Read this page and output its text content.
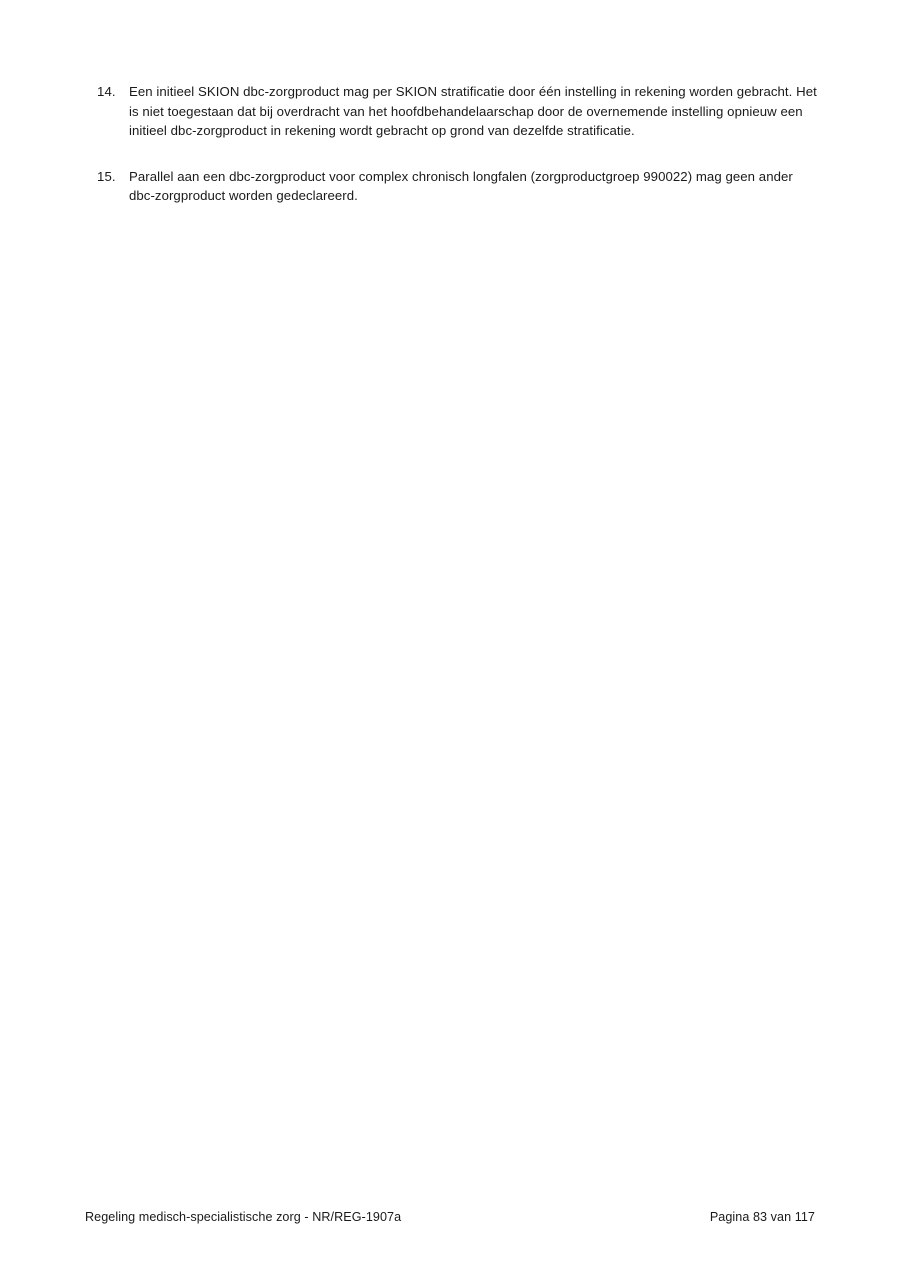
14.	Een initieel SKION dbc-zorgproduct mag per SKION stratificatie door één instelling in rekening worden gebracht. Het is niet toegestaan dat bij overdracht van het hoofdbehandelaarschap door de overnemende instelling opnieuw een initieel dbc-zorgproduct in rekening wordt gebracht op grond van dezelfde stratificatie.
15.	Parallel aan een dbc-zorgproduct voor complex chronisch longfalen (zorgproductgroep 990022) mag geen ander dbc-zorgproduct worden gedeclareerd.
Regeling medisch-specialistische zorg - NR/REG-1907a	Pagina 83 van 117
